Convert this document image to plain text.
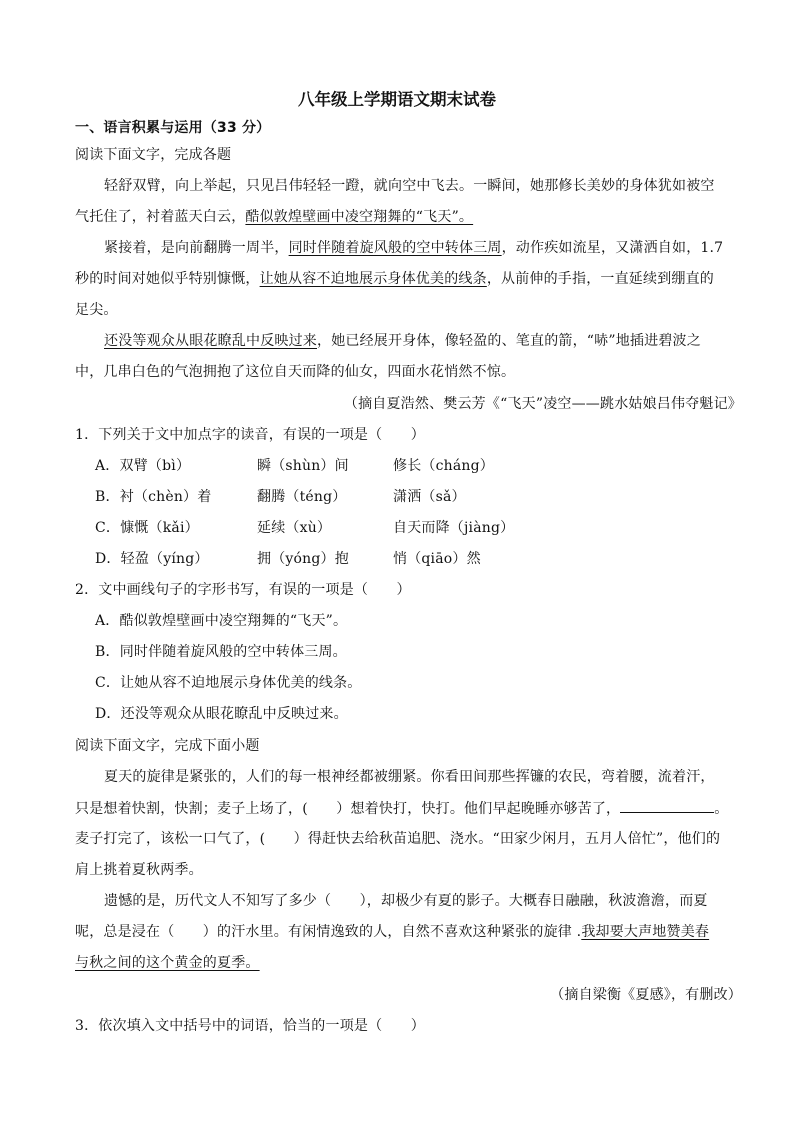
八年级上学期语文期末试卷
一、语言积累与运用（33 分）
阅读下面文字，完成各题
轻舒双臂，向上举起，只见吕伟轻轻一蹬，就向空中飞去。一瞬间，她那修长美妙的身体犹如被空
气托住了，衬着蓝天白云，酷似敦煌壁画中凌空翔舞的“飞天”。
紧接着，是向前翻腾一周半，同时伴随着旋风般的空中转体三周，动作疾如流星，又潇洒自如，1.7
秒的时间对她似乎特别慷慨，让她从容不迫地展示身体优美的线条，从前伸的手指，一直延续到绷直的
足尖。
还没等观众从眼花瞭乱中反映过来，她已经展开身体，像轻盈的、笔直的箭，“哧”地插进碧波之
中，几串白色的气泡拥抱了这位自天而降的仙女，四面水花悄然不惊。
（摘自夏浩然、樊云芳《“飞天”凌空——跳水姑娘吕伟夺魁记》
1．下列关于文中加点字的读音，有误的一项是（　　）
A．双臂（bì）	瞬（shùn）间	修长（cháng）
B．衬（chèn）着	翻腾（téng）	潇洒（sǎ）
C．慷慨（kǎi）	延续（xù）	自天而降（jiàng）
D．轻盈（yíng）	拥（yóng）抱	悄（qiāo）然
2．文中画线句子的字形书写，有误的一项是（　　）
A．酷似敦煌壁画中凌空翔舞的“飞天”。
B．同时伴随着旋风般的空中转体三周。
C．让她从容不迫地展示身体优美的线条。
D．还没等观众从眼花瞭乱中反映过来。
阅读下面文字，完成下面小题
夏天的旋律是紧张的，人们的每一根神经都被绷紧。你看田间那些挥镰的农民，弯着腰，流着汗，
只是想着快割，快割；麦子上场了，(　　）想着快打，快打。他们早起晚睡亦够苦了，	。
麦子打完了，该松一口气了，(　　）得赶快去给秋苗追肥、浇水。“田家少闲月，五月人倍忙”，他们的
肩上挑着夏秋两季。
遗憾的是，历代文人不知写了多少（　　），却极少有夏的影子。大概春日融融，秋波澹澹，而夏
呢，总是浸在（　　）的汗水里。有闲情逸致的人，自然不喜欢这种紧张的旋律 .我却要大声地赞美春
与秋之间的这个黄金的夏季。
（摘自梁衡《夏感》，有删改）
3．依次填入文中括号中的词语，恰当的一项是（　　）
